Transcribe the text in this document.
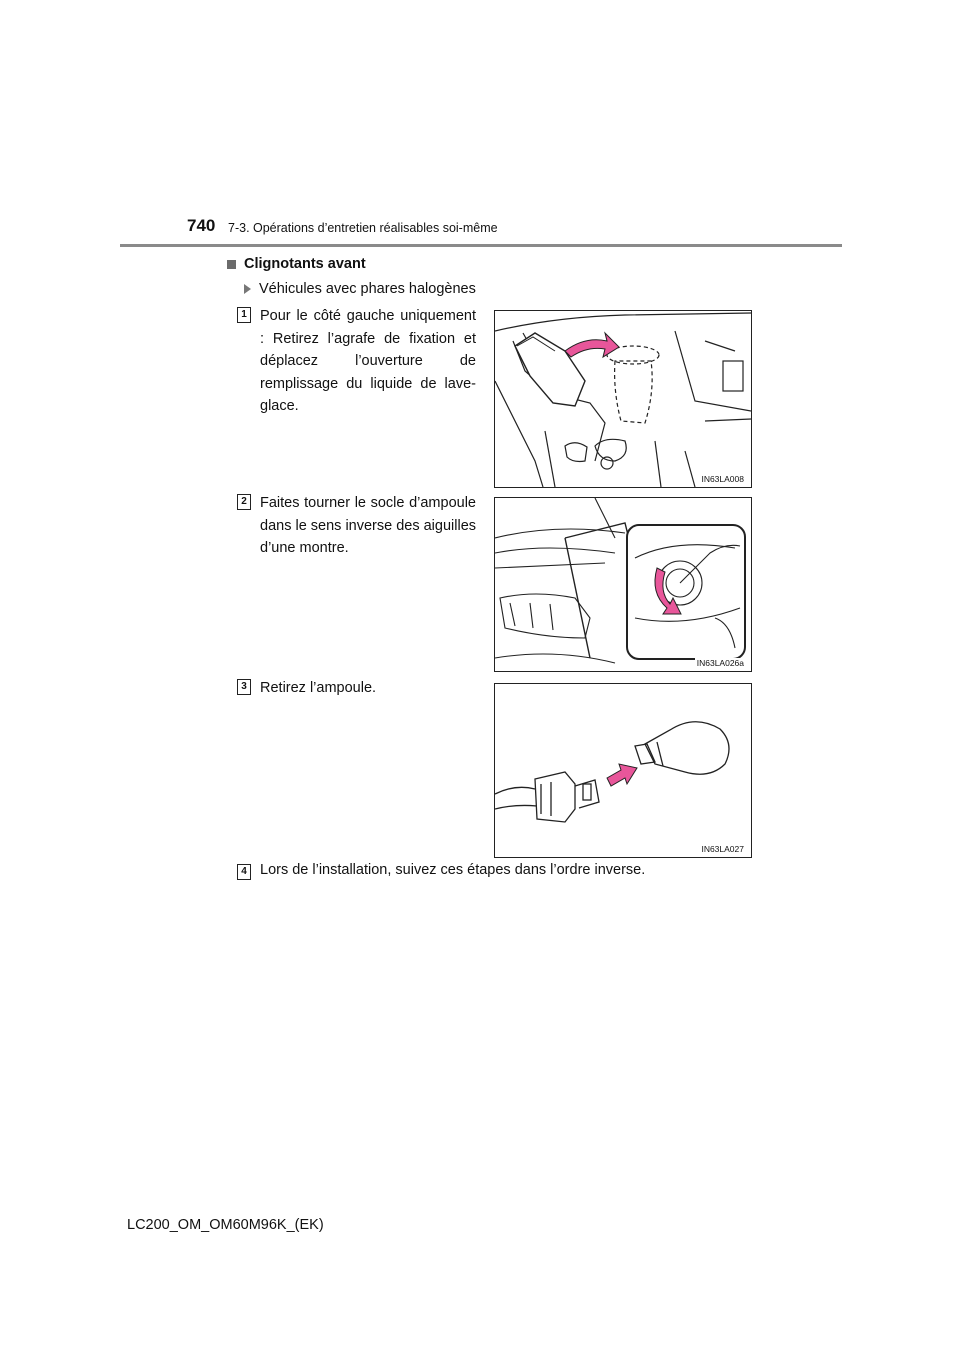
740 7-3. Opérations d’entretien réalisables soi-même
Clignotants avant
Véhicules avec phares halogènes
1 Pour le côté gauche uniquement : Retirez l’agrafe de fixation et déplacez l’ouverture de remplissage du liquide de lave-glace.
IN63LA008
2 Faites tourner le socle d’ampoule dans le sens inverse des aiguilles d’une montre.
IN63LA026a
3 Retirez l’ampoule.
IN63LA027
4 Lors de l’installation, suivez ces étapes dans l’ordre inverse.
LC200_OM_OM60M96K_(EK)
